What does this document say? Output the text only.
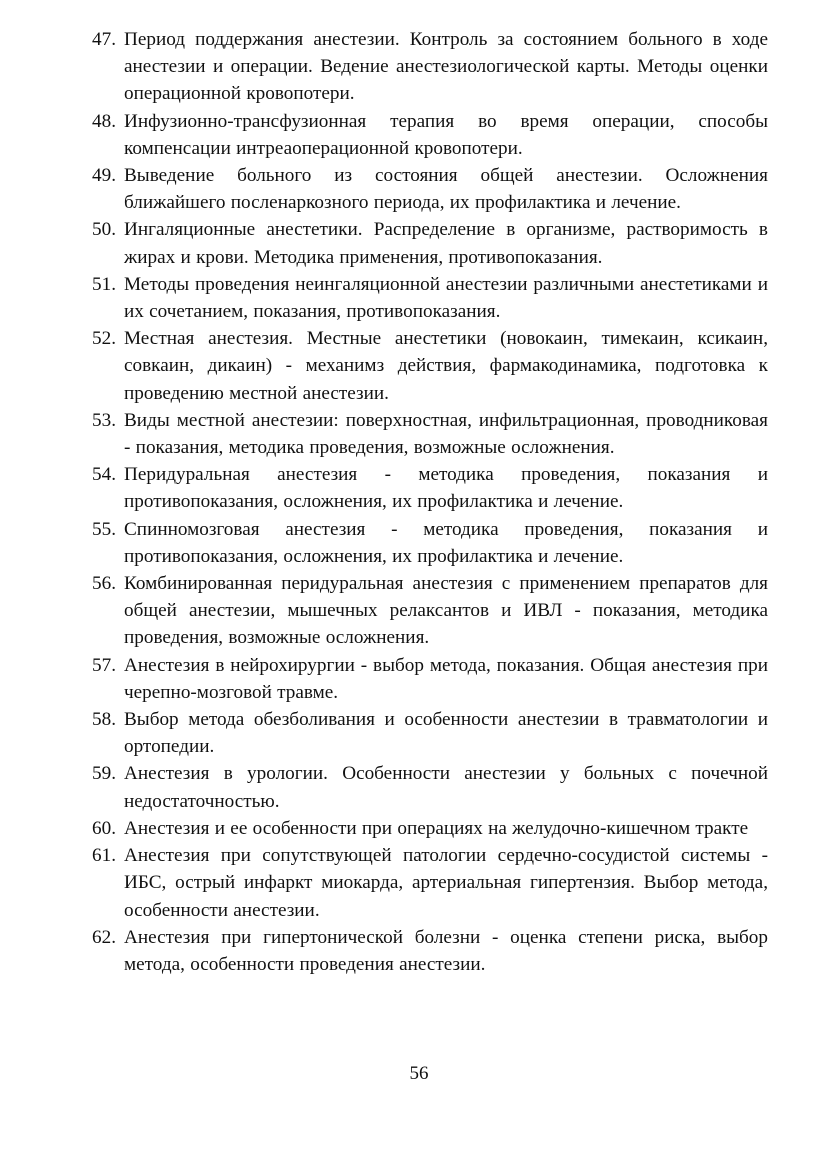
47. Период поддержания анестезии. Контроль за состоянием больного в ходе анестезии и операции. Ведение анестезиологической карты. Методы оценки операционной кровопотери.
48. Инфузионно-трансфузионная терапия во время операции, способы компенсации интреаоперационной кровопотери.
49. Выведение больного из состояния общей анестезии. Осложнения ближайшего посленаркозного периода, их профилактика и лечение.
50. Ингаляционные анестетики. Распределение в организме, растворимость в жирах и крови. Методика применения, противопоказания.
51. Методы проведения неингаляционной анестезии различными анестетиками и их сочетанием, показания, противопоказания.
52. Местная анестезия. Местные анестетики (новокаин, тимекаин, ксикаин, совкаин, дикаин) - механимз действия, фармакодинамика, подготовка к проведению местной анестезии.
53. Виды местной анестезии: поверхностная, инфильтрационная, проводниковая - показания, методика проведения, возможные осложнения.
54. Перидуральная анестезия - методика проведения, показания и противопоказания, осложнения, их профилактика и лечение.
55. Спинномозговая анестезия - методика проведения, показания и противопоказания, осложнения, их профилактика и лечение.
56. Комбинированная перидуральная анестезия с применением препаратов для общей анестезии, мышечных релаксантов и ИВЛ - показания, методика проведения, возможные осложнения.
57. Анестезия в нейрохирургии - выбор метода, показания. Общая анестезия при черепно-мозговой травме.
58. Выбор метода обезболивания и особенности анестезии в травматологии и ортопедии.
59. Анестезия в урологии. Особенности анестезии у больных с почечной недостаточностью.
60. Анестезия и ее особенности при операциях на желудочно-кишечном тракте
61. Анестезия при сопутствующей патологии сердечно-сосудистой системы - ИБС, острый инфаркт миокарда, артериальная гипертензия. Выбор метода, особенности анестезии.
62. Анестезия при гипертонической болезни - оценка степени риска, выбор метода, особенности проведения анестезии.
56
